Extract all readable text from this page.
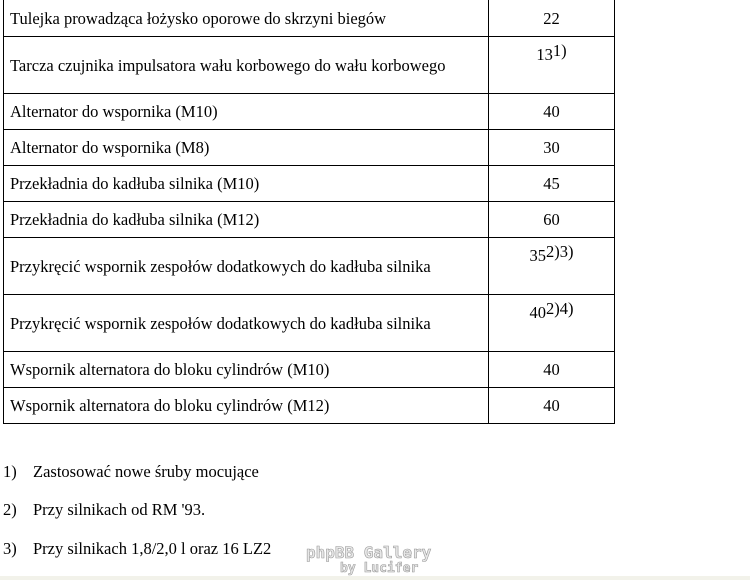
Tulejka prowadząca łożysko oporowe do skrzyni biegów	22
Tarcza czujnika impulsatora wału korbowego do wału korbowego	131)
Alternator do wspornika (M10)	40
Alternator do wspornika (M8)	30
Przekładnia do kadłuba silnika (M10)	45
Przekładnia do kadłuba silnika (M12)	60
Przykręcić wspornik zespołów dodatkowych do kadłuba silnika	352)3)
Przykręcić wspornik zespołów dodatkowych do kadłuba silnika	402)4)
Wspornik alternatora do bloku cylindrów (M10)	40
Wspornik alternatora do bloku cylindrów (M12)	40
1) Zastosować nowe śruby mocujące
2) Przy silnikach od RM '93.
3) Przy silnikach 1,8/2,0 l oraz 16 LZ2 phpBB Gallery
by Lucifer
